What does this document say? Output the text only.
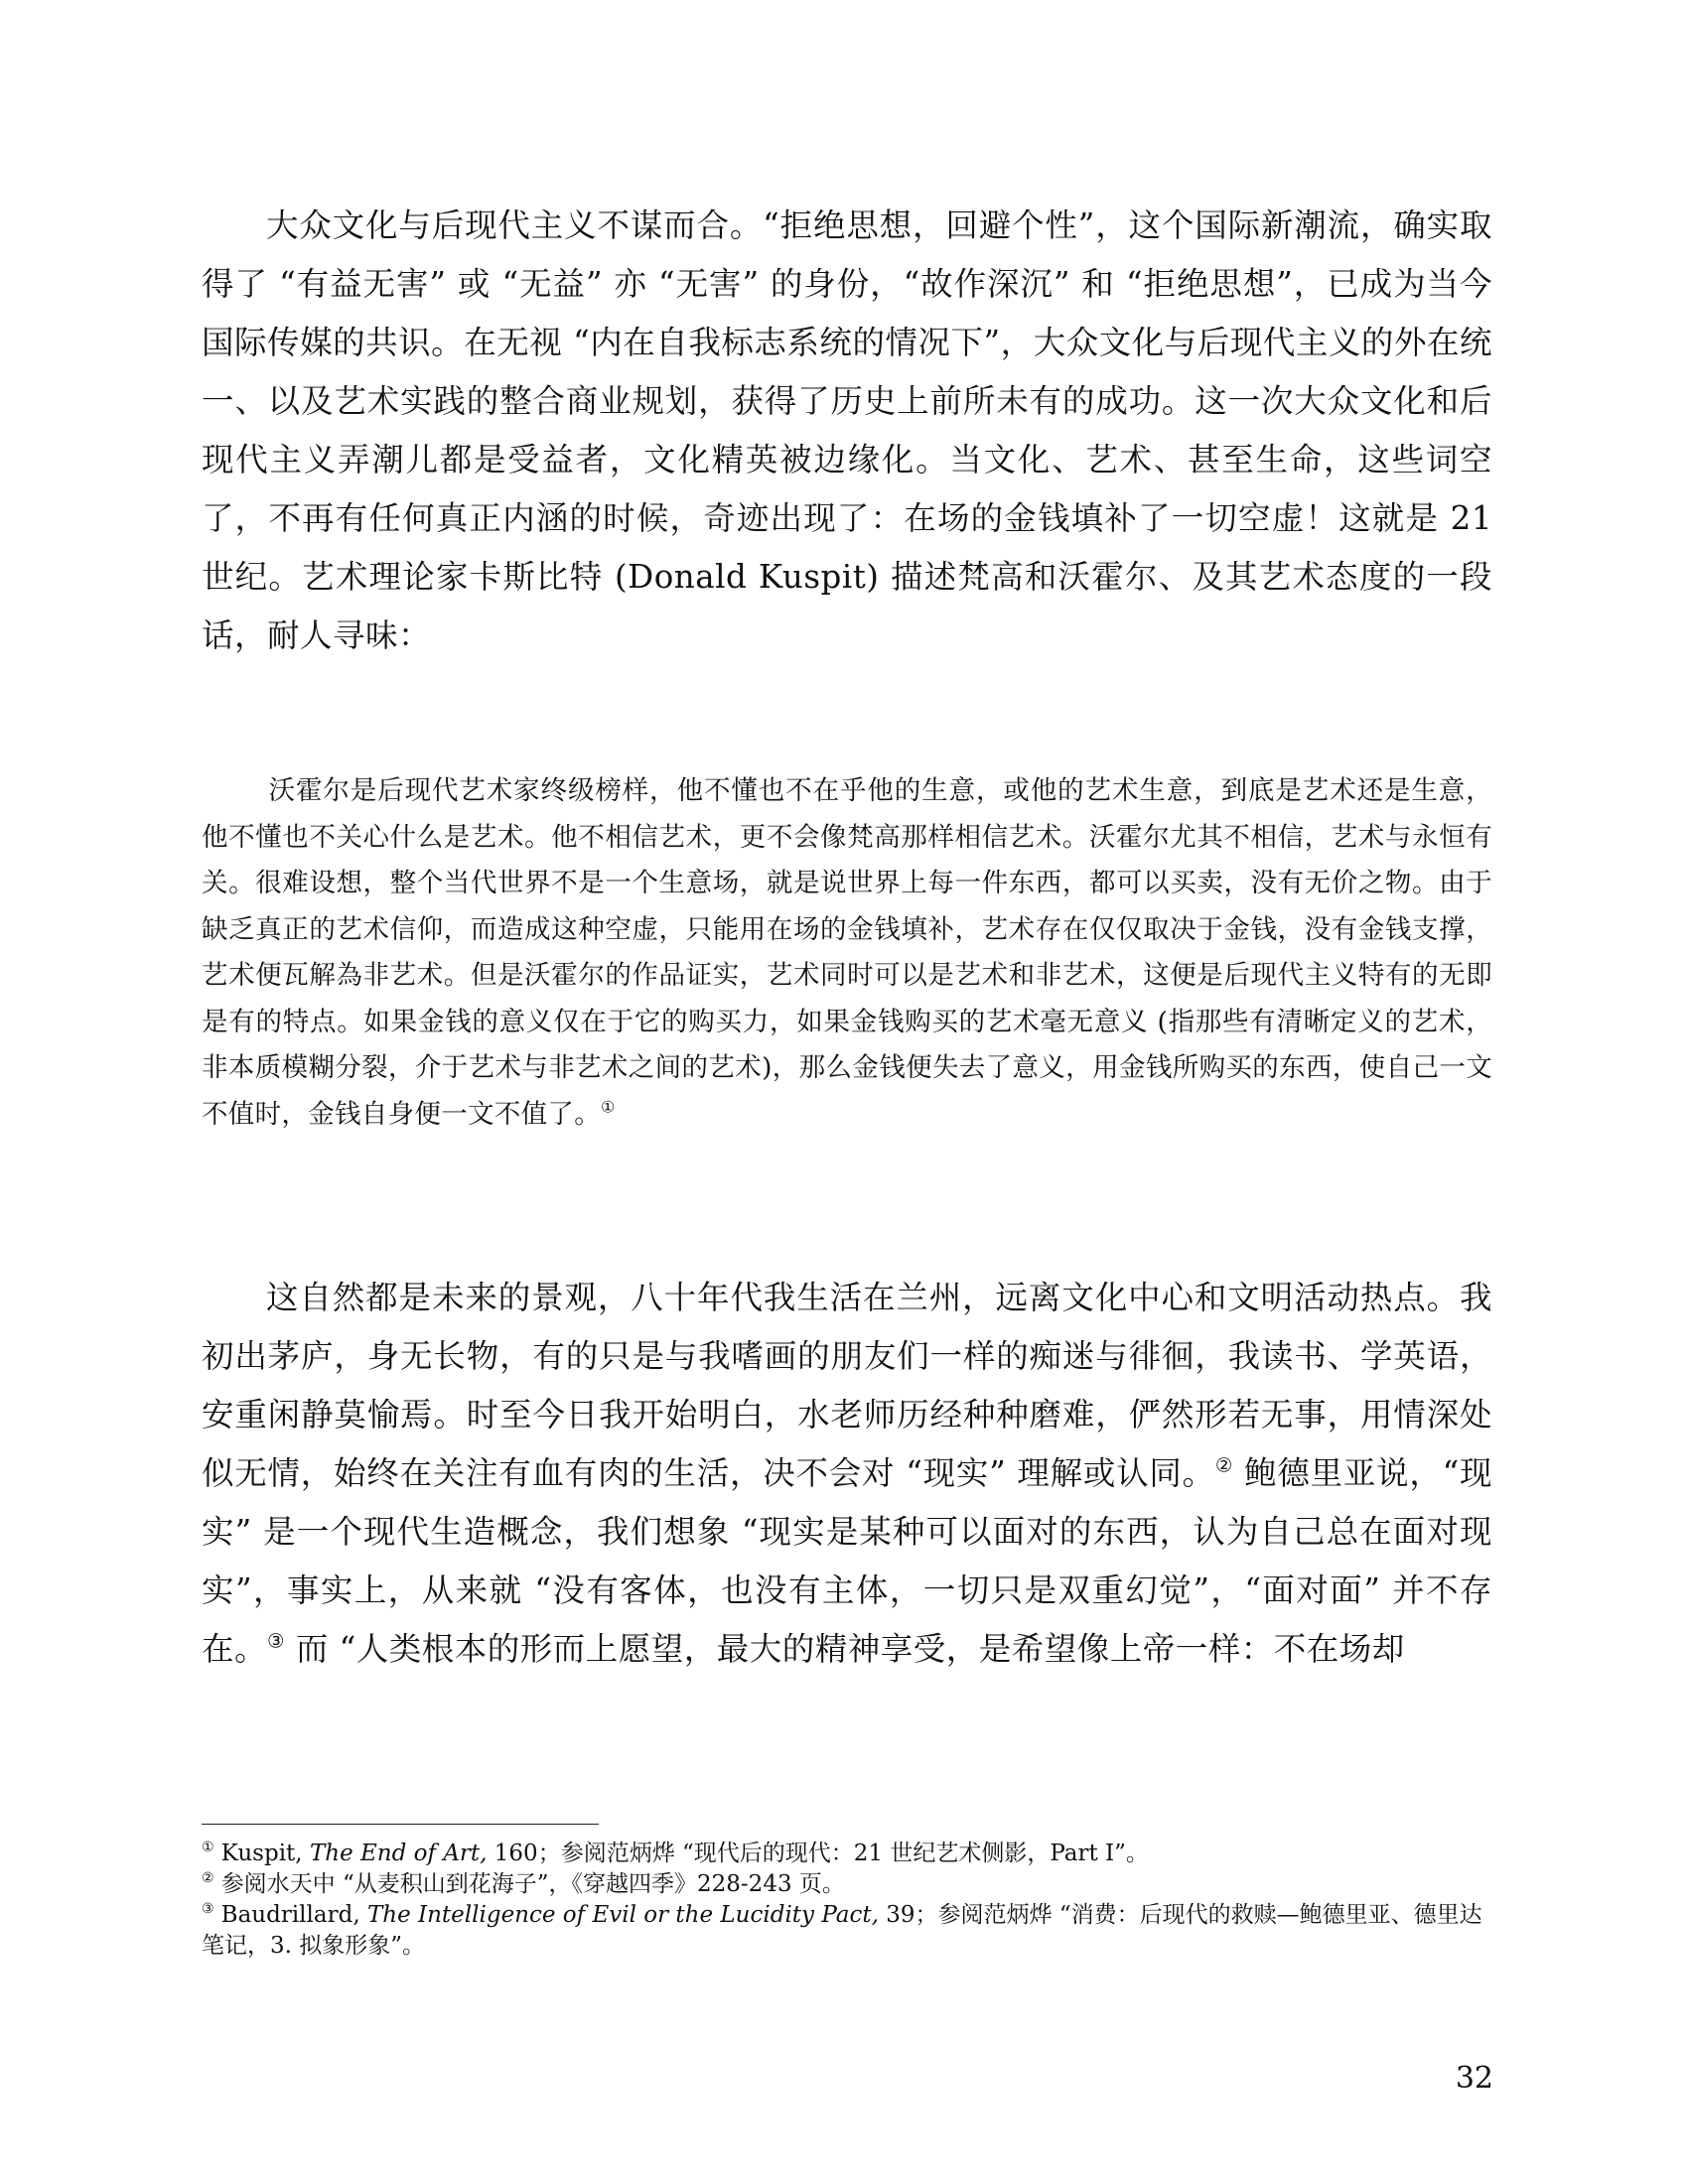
大众文化与后现代主义不谋而合。“拒绝思想，回避个性”，这个国际新潮流，确实取得了 “有益无害” 或 “无益” 亦 “无害” 的身份，“故作深沉” 和 “拒绝思想”，已成为当今国际传媒的共识。在无视 “内在自我标志系统的情况下”，大众文化与后现代主义的外在统一、以及艺术实践的整合商业规划，获得了历史上前所未有的成功。这一次大众文化和后现代主义弄潮儿都是受益者，文化精英被边缘化。当文化、艺术、甚至生命，这些词空了，不再有任何真正内涵的时候，奇迹出现了：在场的金钱填补了一切空虚！这就是 21 世纪。艺术理论家卡斯比特 (Donald Kuspit) 描述梵高和沃霍尔、及其艺术态度的一段话，耐人寻味：

沃霍尔是后现代艺术家终级榜样，他不懂也不在乎他的生意，或他的艺术生意，到底是艺术还是生意，他不懂也不关心什么是艺术。他不相信艺术，更不会像梵高那样相信艺术。沃霍尔尤其不相信，艺术与永恒有关。很难设想，整个当代世界不是一个生意场，就是说世界上每一件东西，都可以买卖，没有无价之物。由于缺乏真正的艺术信仰，而造成这种空虚，只能用在场的金钱填补，艺术存在仅仅取决于金钱，没有金钱支撑，艺术便瓦解為非艺术。但是沃霍尔的作品证实，艺术同时可以是艺术和非艺术，这便是后现代主义特有的无即是有的特点。如果金钱的意义仅在于它的购买力，如果金钱购买的艺术毫无意义 (指那些有清晰定义的艺术，非本质模糊分裂，介于艺术与非艺术之间的艺术)，那么金钱便失去了意义，用金钱所购买的东西，使自己一文不值时，金钱自身便一文不值了。①

这自然都是未来的景观，八十年代我生活在兰州，远离文化中心和文明活动热点。我初出茅庐，身无长物，有的只是与我嗜画的朋友们一样的痴迷与徘徊，我读书、学英语，安重闲静莫愉焉。时至今日我开始明白，水老师历经种种磨难，俨然形若无事，用情深处似无情，始终在关注有血有肉的生活，决不会对 “现实” 理解或认同。② 鲍德里亚说，“现实” 是一个现代生造概念，我们想象 “现实是某种可以面对的东西，认为自己总在面对现实”，事实上，从来就 “没有客体，也没有主体，一切只是双重幻觉”，“面对面” 并不存在。③ 而 “人类根本的形而上愿望，最大的精神享受，是希望像上帝一样：不在场却

① Kuspit, The End of Art, 160；参阅范炳烨 “现代后的现代：21 世纪艺术侧影，Part I”。
② 参阅水天中 “从麦积山到花海子”，《穿越四季》228-243 页。
③ Baudrillard, The Intelligence of Evil or the Lucidity Pact, 39；参阅范炳烨 “消费：后现代的救赎—鲍德里亚、德里达笔记，3. 拟象形象”。
32
